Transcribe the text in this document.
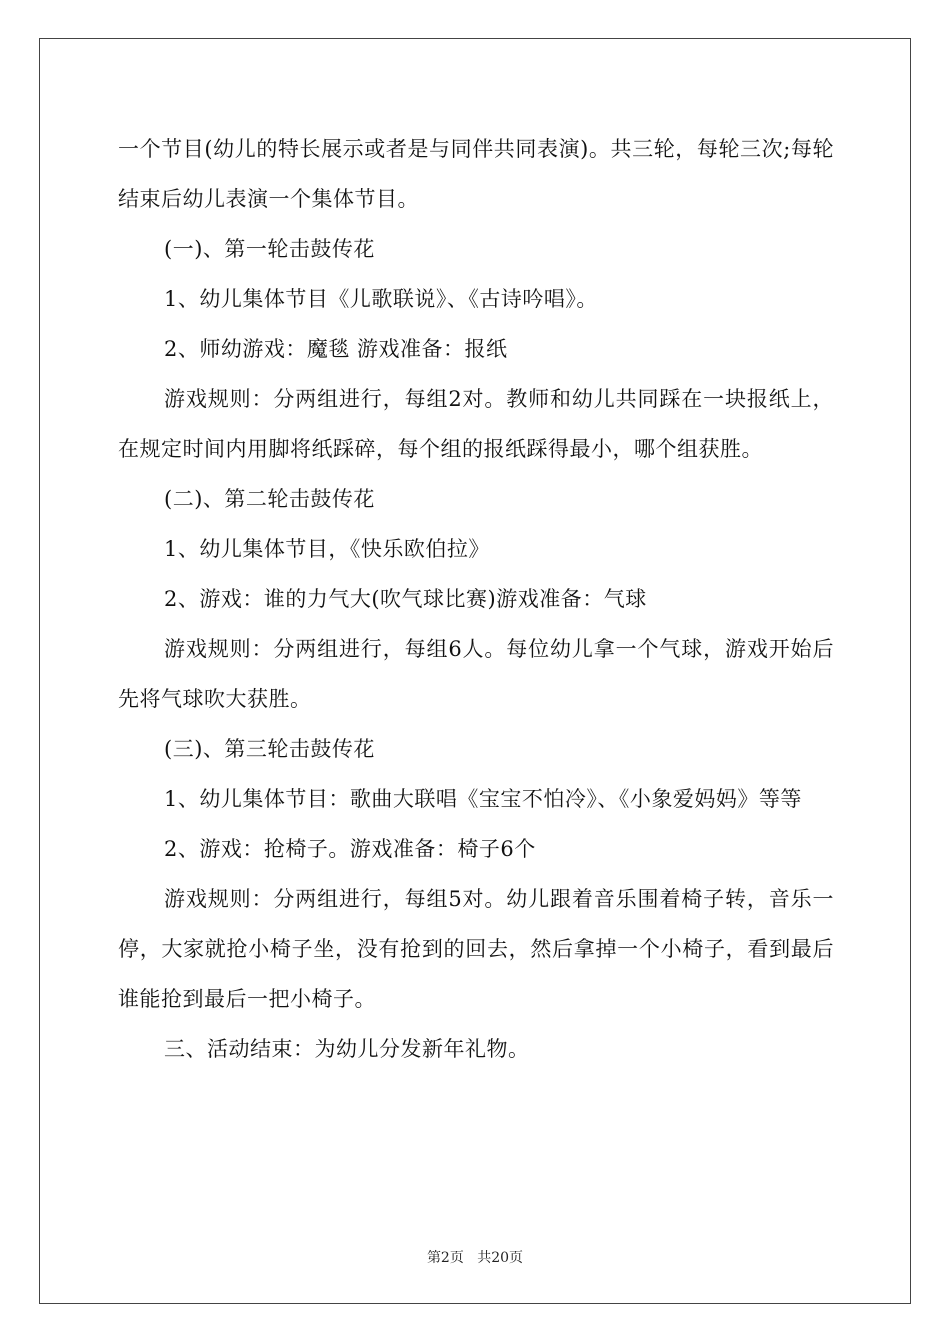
一个节目(幼儿的特长展示或者是与同伴共同表演)。共三轮，每轮三次;每轮结束后幼儿表演一个集体节目。

(一)、第一轮击鼓传花

1、幼儿集体节目《儿歌联说》、《古诗吟唱》。

2、师幼游戏：魔毯 游戏准备：报纸

游戏规则：分两组进行，每组2对。教师和幼儿共同踩在一块报纸上，在规定时间内用脚将纸踩碎，每个组的报纸踩得最小，哪个组获胜。

(二)、第二轮击鼓传花

1、幼儿集体节目，《快乐欧伯拉》

2、游戏：谁的力气大(吹气球比赛)游戏准备：气球

游戏规则：分两组进行，每组6人。每位幼儿拿一个气球，游戏开始后先将气球吹大获胜。

(三)、第三轮击鼓传花

1、幼儿集体节目：歌曲大联唱《宝宝不怕冷》、《小象爱妈妈》等等

2、游戏：抢椅子。游戏准备：椅子6个

游戏规则：分两组进行，每组5对。幼儿跟着音乐围着椅子转，音乐一停，大家就抢小椅子坐，没有抢到的回去，然后拿掉一个小椅子，看到最后谁能抢到最后一把小椅子。

三、活动结束：为幼儿分发新年礼物。

第2页 共20页
